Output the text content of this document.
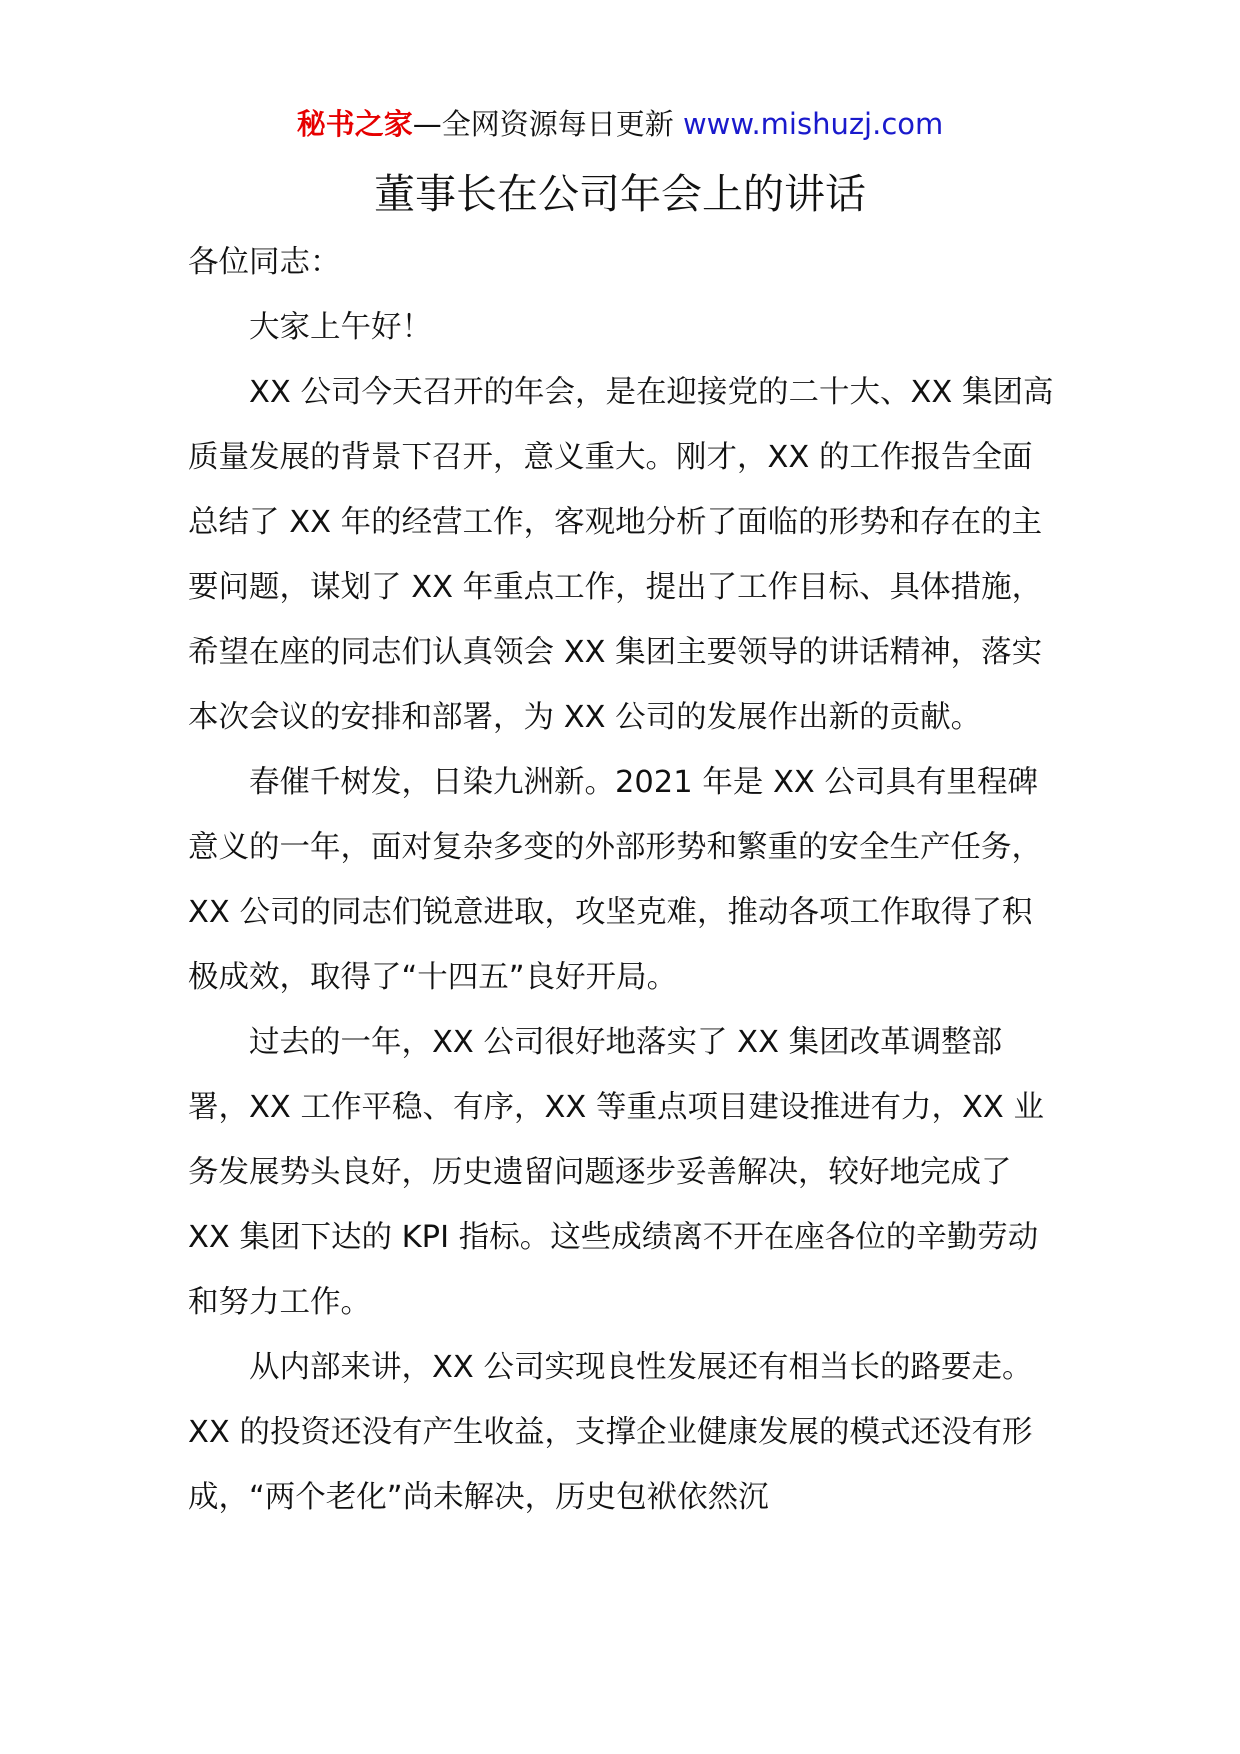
秘书之家—全网资源每日更新 www.mishuzj.com
董事长在公司年会上的讲话

各位同志：

大家上午好！

XX 公司今天召开的年会，是在迎接党的二十大、XX 集团高质量发展的背景下召开，意义重大。刚才，XX 的工作报告全面总结了 XX 年的经营工作，客观地分析了面临的形势和存在的主要问题，谋划了 XX 年重点工作，提出了工作目标、具体措施，希望在座的同志们认真领会 XX 集团主要领导的讲话精神，落实本次会议的安排和部署，为 XX 公司的发展作出新的贡献。

春催千树发，日染九洲新。2021 年是 XX 公司具有里程碑意义的一年，面对复杂多变的外部形势和繁重的安全生产任务，XX 公司的同志们锐意进取，攻坚克难，推动各项工作取得了积极成效，取得了“十四五”良好开局。

过去的一年，XX 公司很好地落实了 XX 集团改革调整部署，XX 工作平稳、有序，XX 等重点项目建设推进有力，XX 业务发展势头良好，历史遗留问题逐步妥善解决，较好地完成了 XX 集团下达的 KPI 指标。这些成绩离不开在座各位的辛勤劳动和努力工作。

从内部来讲，XX 公司实现良性发展还有相当长的路要走。XX 的投资还没有产生收益，支撑企业健康发展的模式还没有形成，“两个老化”尚未解决，历史包袱依然沉
